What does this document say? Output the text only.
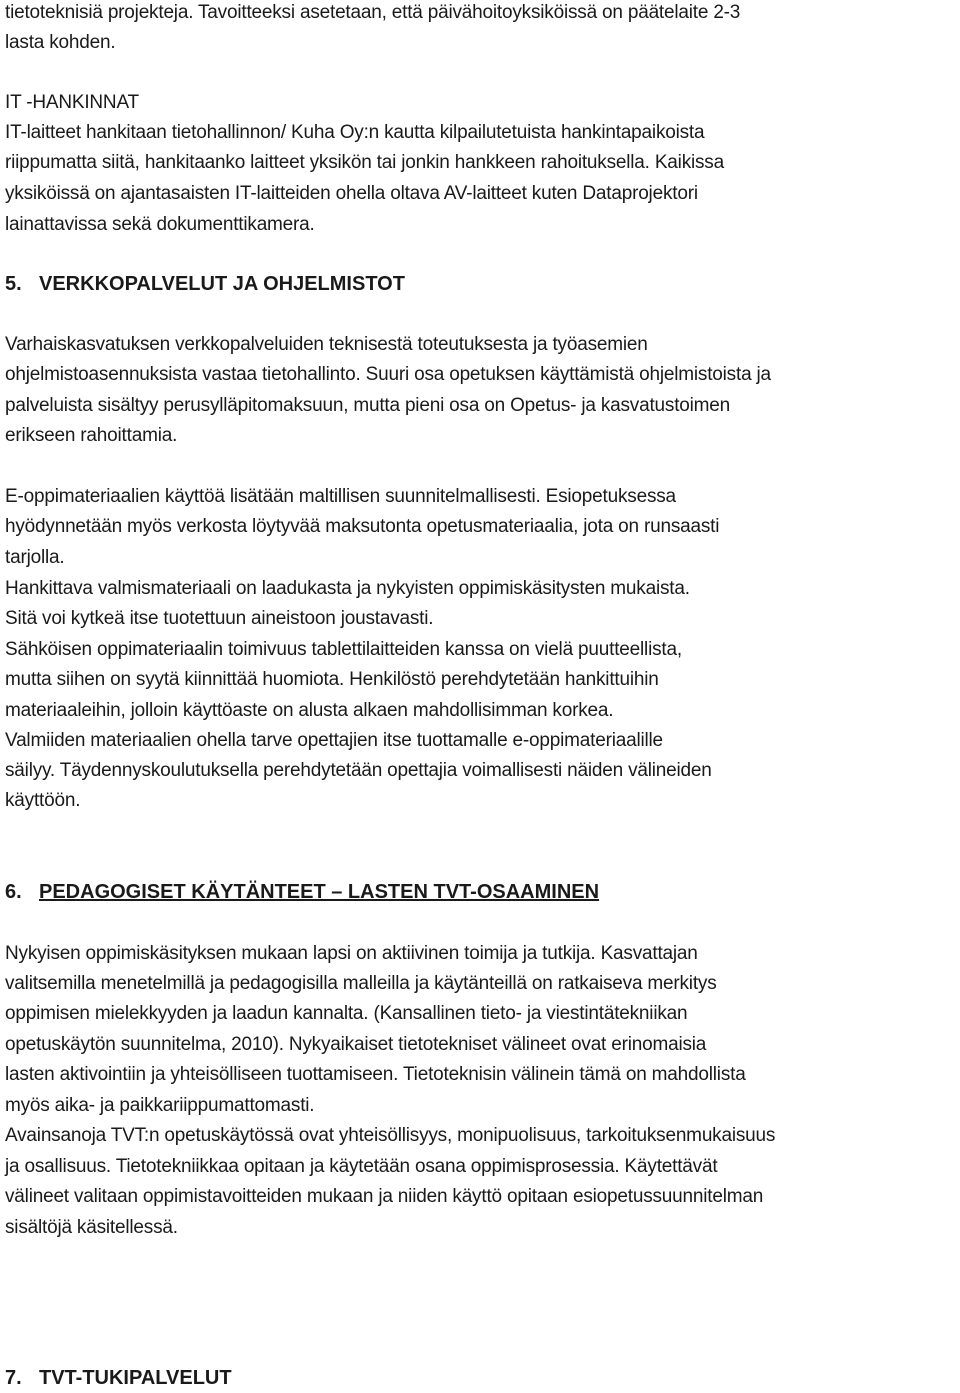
tietoteknisiä projekteja. Tavoitteeksi asetetaan, että päivähoitoyksiköissä on päätelaite 2-3
lasta kohden.
IT -HANKINNAT
IT-laitteet hankitaan tietohallinnon/ Kuha Oy:n kautta kilpailutetuista hankintapaikoista
riippumatta siitä, hankitaanko laitteet yksikön tai jonkin hankkeen rahoituksella. Kaikissa
yksiköissä on ajantasaisten IT-laitteiden ohella oltava AV-laitteet kuten Dataprojektori
lainattavissa sekä dokumenttikamera.
5. VERKKOPALVELUT JA OHJELMISTOT
Varhaiskasvatuksen verkkopalveluiden teknisestä toteutuksesta ja työasemien
ohjelmistoasennuksista vastaa tietohallinto. Suuri osa opetuksen käyttämistä ohjelmistoista ja
palveluista sisältyy perusylläpitomaksuun, mutta pieni osa on Opetus- ja kasvatustoimen
erikseen rahoittamia.
E-oppimateriaalien käyttöä lisätään maltillisen suunnitelmallisesti. Esiopetuksessa
hyödynnetään myös verkosta löytyvää maksutonta opetusmateriaalia, jota on runsaasti
tarjolla.
Hankittava valmismateriaali on laadukasta ja nykyisten oppimiskäsitysten mukaista.
Sitä voi kytkeä itse tuotettuun aineistoon joustavasti.
Sähköisen oppimateriaalin toimivuus tablettilaitteiden kanssa on vielä puutteellista,
mutta siihen on syytä kiinnittää huomiota. Henkilöstö perehdytetään hankittuihin
materiaaleihin, jolloin käyttöaste on alusta alkaen mahdollisimman korkea.
Valmiiden materiaalien ohella tarve opettajien itse tuottamalle e-oppimateriaalille
säilyy. Täydennyskoulutuksella perehdytetään opettajia voimallisesti näiden välineiden
käyttöön.
6. PEDAGOGISET KÄYTÄNTEET – LASTEN TVT-OSAAMINEN
Nykyisen oppimiskäsityksen mukaan lapsi on aktiivinen toimija ja tutkija. Kasvattajan
valitsemilla menetelmillä ja pedagogisilla malleilla ja käytänteillä on ratkaiseva merkitys
oppimisen mielekkyyden ja laadun kannalta. (Kansallinen tieto- ja viestintätekniikan
opetuskäytön suunnitelma, 2010). Nykyaikaiset tietotekniset välineet ovat erinomaisia
lasten aktivointiin ja yhteisölliseen tuottamiseen. Tietoteknisin välinein tämä on mahdollista
myös aika- ja paikkariippumattomasti.
Avainsanoja TVT:n opetuskäytössä ovat yhteisöllisyys, monipuolisuus, tarkoituksenmukaisuus
ja osallisuus. Tietotekniikkaa opitaan ja käytetään osana oppimisprosessia. Käytettävät
välineet valitaan oppimistavoitteiden mukaan ja niiden käyttö opitaan esiopetussuunnitelman
sisältöjä käsitellessä.
7. TVT-TUKIPALVELUT
